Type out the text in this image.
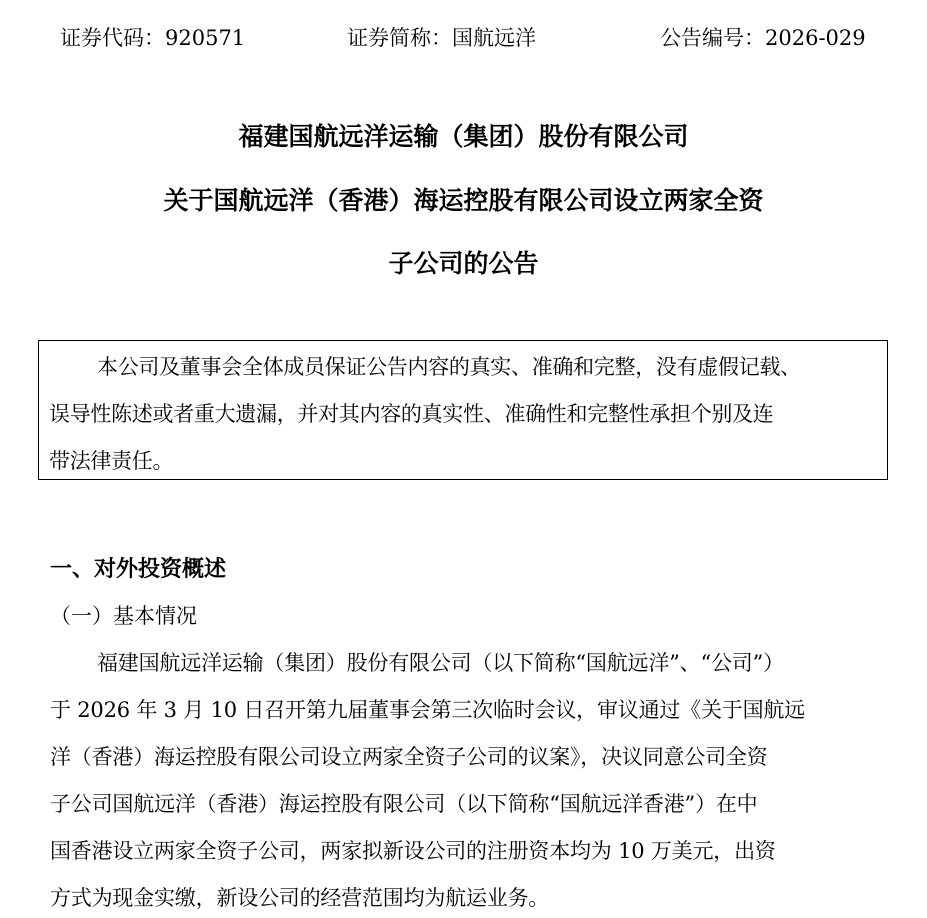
证券代码：920571	证券简称：国航远洋	公告编号：2026-029
福建国航远洋运输（集团）股份有限公司
关于国航远洋（香港）海运控股有限公司设立两家全资
子公司的公告
本公司及董事会全体成员保证公告内容的真实、准确和完整，没有虚假记载、
误导性陈述或者重大遗漏，并对其内容的真实性、准确性和完整性承担个别及连
带法律责任。
一、对外投资概述
（一）基本情况
福建国航远洋运输（集团）股份有限公司（以下简称“国航远洋”、“公司”）
于 2026 年 3 月 10 日召开第九届董事会第三次临时会议，审议通过《关于国航远
洋（香港）海运控股有限公司设立两家全资子公司的议案》，决议同意公司全资
子公司国航远洋（香港）海运控股有限公司（以下简称“国航远洋香港”）在中
国香港设立两家全资子公司，两家拟新设公司的注册资本均为 10 万美元，出资
方式为现金实缴，新设公司的经营范围均为航运业务。
